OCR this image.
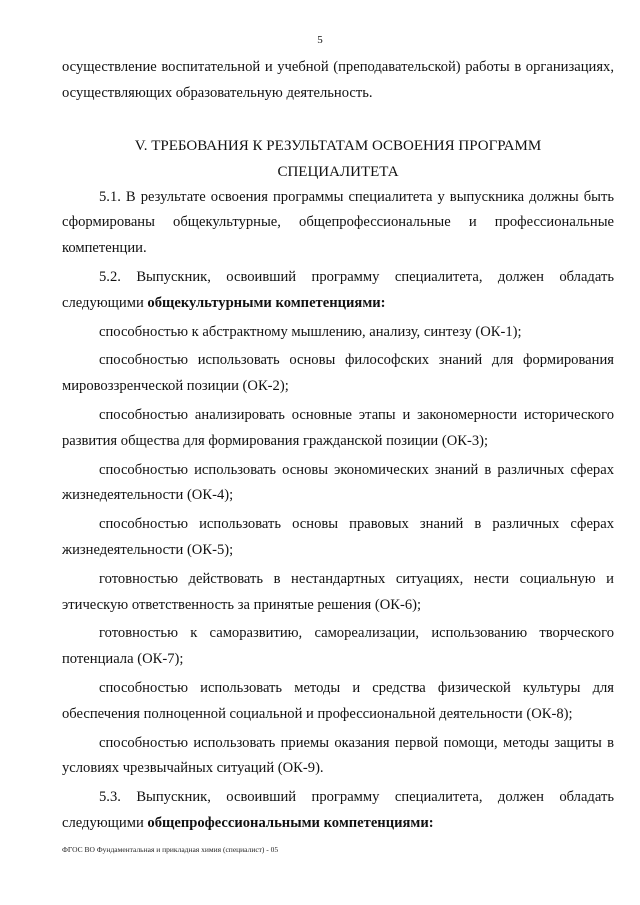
5

осуществление воспитательной и учебной (преподавательской) работы в организациях, осуществляющих образовательную деятельность.

V. ТРЕБОВАНИЯ К РЕЗУЛЬТАТАМ ОСВОЕНИЯ ПРОГРАММ
СПЕЦИАЛИТЕТА

5.1. В результате освоения программы специалитета у выпускника должны быть сформированы общекультурные, общепрофессиональные и профессиональные компетенции.

5.2. Выпускник, освоивший программу специалитета, должен обладать следующими общекультурными компетенциями:

способностью к абстрактному мышлению, анализу, синтезу (ОК-1);

способностью использовать основы философских знаний для формирования мировоззренческой позиции (ОК-2);

способностью анализировать основные этапы и закономерности исторического развития общества для формирования гражданской позиции (ОК-3);

способностью использовать основы экономических знаний в различных сферах жизнедеятельности (ОК-4);

способностью использовать основы правовых знаний в различных сферах жизнедеятельности (ОК-5);

готовностью действовать в нестандартных ситуациях, нести социальную и этическую ответственность за принятые решения (ОК-6);

готовностью к саморазвитию, самореализации, использованию творческого потенциала (ОК-7);

способностью использовать методы и средства физической культуры для обеспечения полноценной социальной и профессиональной деятельности (ОК-8);

способностью использовать приемы оказания первой помощи, методы защиты в условиях чрезвычайных ситуаций (ОК-9).

5.3. Выпускник, освоивший программу специалитета, должен обладать следующими общепрофессиональными компетенциями:

ФГОС ВО Фундаментальная и прикладная химия (специалист) - 05
